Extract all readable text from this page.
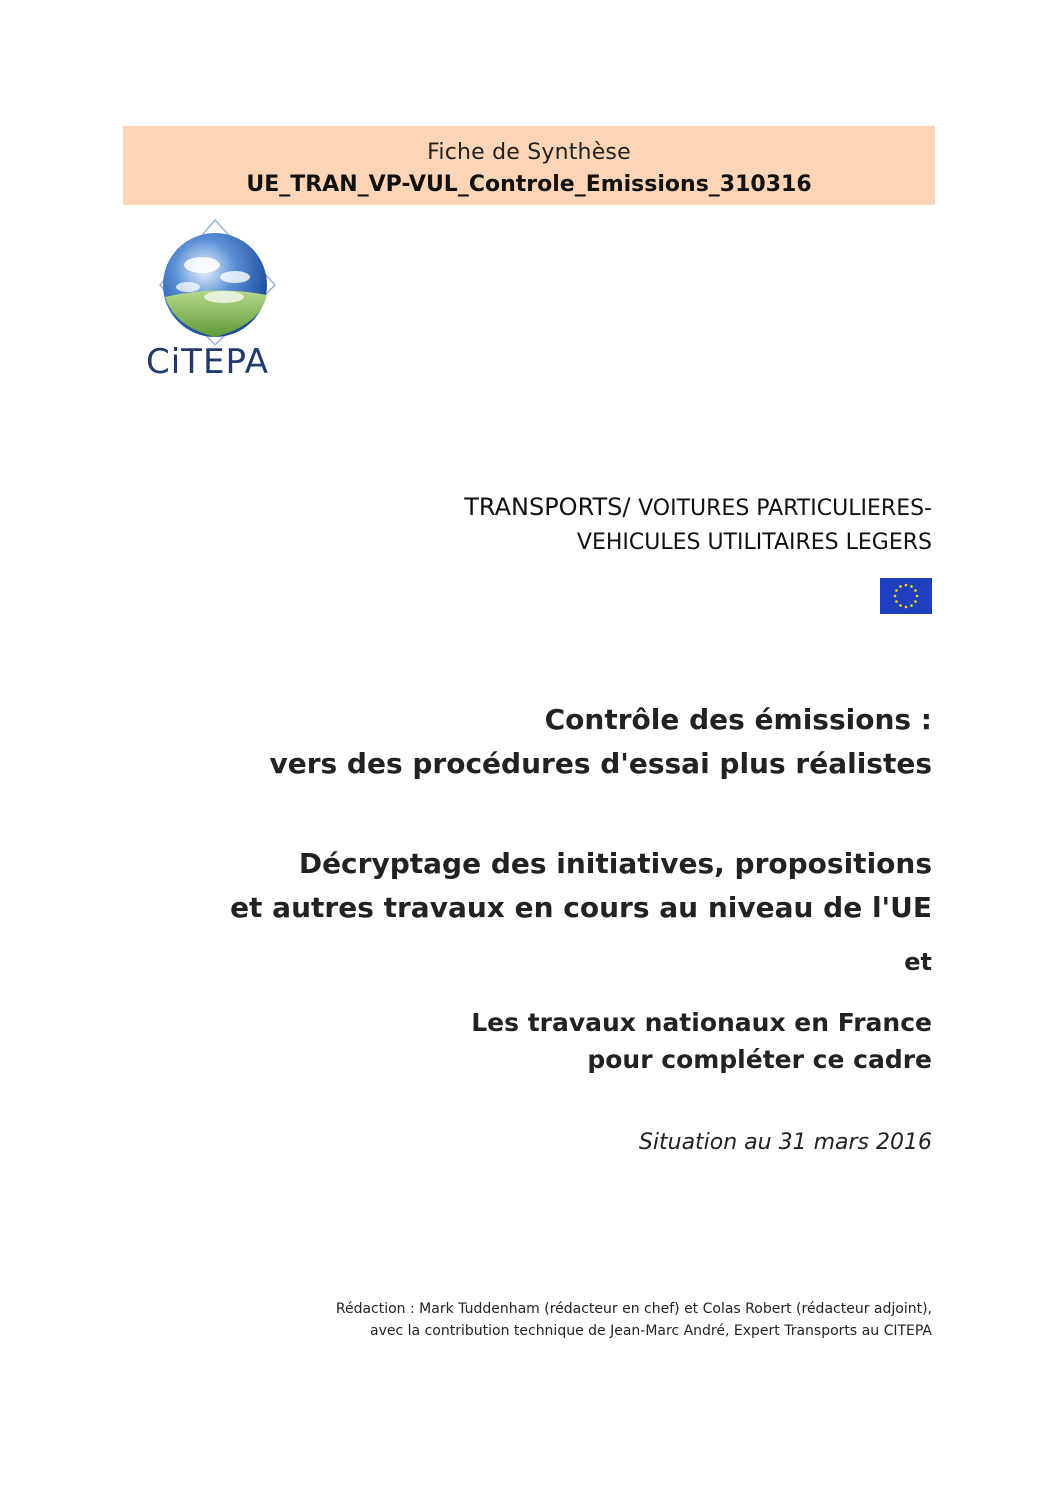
Fiche de Synthèse
UE_TRAN_VP-VUL_Controle_Emissions_310316
CiTEPA
TRANSPORTS/ VOITURES PARTICULIERES-
VEHICULES UTILITAIRES LEGERS
Contrôle des émissions :
vers des procédures d'essai plus réalistes
Décryptage des initiatives, propositions
et autres travaux en cours au niveau de l'UE
et
Les travaux nationaux en France
pour compléter ce cadre
Situation au 31 mars 2016
Rédaction : Mark Tuddenham (rédacteur en chef) et Colas Robert (rédacteur adjoint),
avec la contribution technique de Jean-Marc André, Expert Transports au CITEPA
